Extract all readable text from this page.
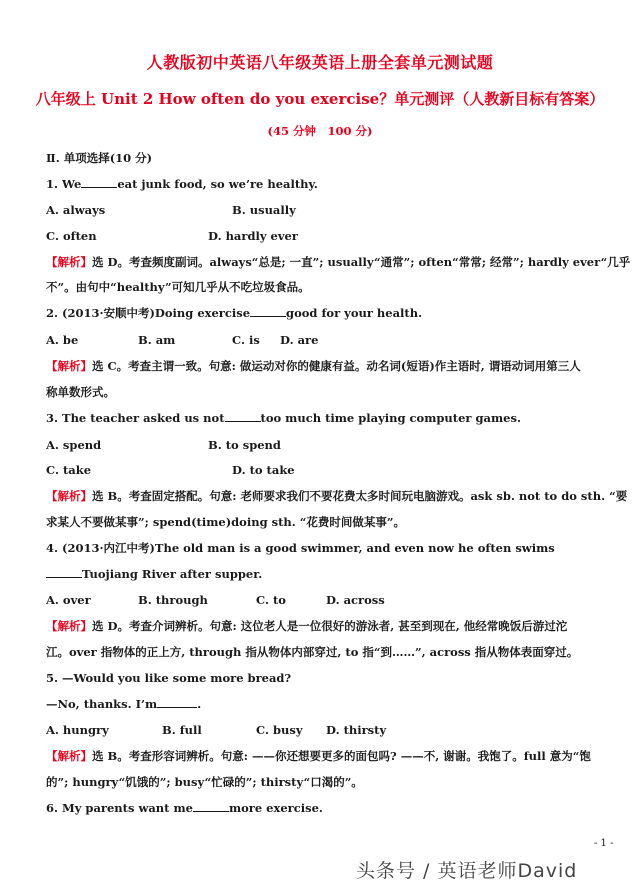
人教版初中英语八年级英语上册全套单元测试题
八年级上 Unit 2 How often do you exercise？单元测评（人教新目标有答案）
(45 分钟　100 分)
Ⅱ. 单项选择(10 分)
1. We	eat junk food, so we’re healthy.
A. always	B. usually
C. often	D. hardly ever
【解析】选 D。考查频度副词。always“总是; 一直”; usually“通常”; often“常常; 经常”; hardly ever“几乎
不”。由句中“healthy”可知几乎从不吃垃圾食品。
2. (2013·安顺中考)Doing exercise	good for your health.
A. be	B. am	C. is D. are
【解析】选 C。考查主谓一致。句意: 做运动对你的健康有益。动名词(短语)作主语时, 谓语动词用第三人
称单数形式。
3. The teacher asked us not	too much time playing computer games.
A. spend	B. to spend
C. take	D. to take
【解析】选 B。考查固定搭配。句意: 老师要求我们不要花费太多时间玩电脑游戏。ask sb. not to do sth. “要
求某人不要做某事”; spend(time)doing sth. “花费时间做某事”。
4. (2013·内江中考)The old man is a good swimmer, and even now he often swims
Tuojiang River after supper.
A. over	B. through	C. to	D. across
【解析】选 D。考查介词辨析。句意: 这位老人是一位很好的游泳者, 甚至到现在, 他经常晚饭后游过沱
江。over 指物体的正上方, through 指从物体内部穿过, to 指“到……”, across 指从物体表面穿过。
5. —Would you like some more bread?
—No, thanks. I’m	.
A. hungry	B. full	C. busy D. thirsty
【解析】选 B。考查形容词辨析。句意: ——你还想要更多的面包吗? ——不, 谢谢。我饱了。full 意为“饱
的”; hungry“饥饿的”; busy“忙碌的”; thirsty“口渴的”。
6. My parents want me	more exercise.
- 1 -
头条号 / 英语老师David
